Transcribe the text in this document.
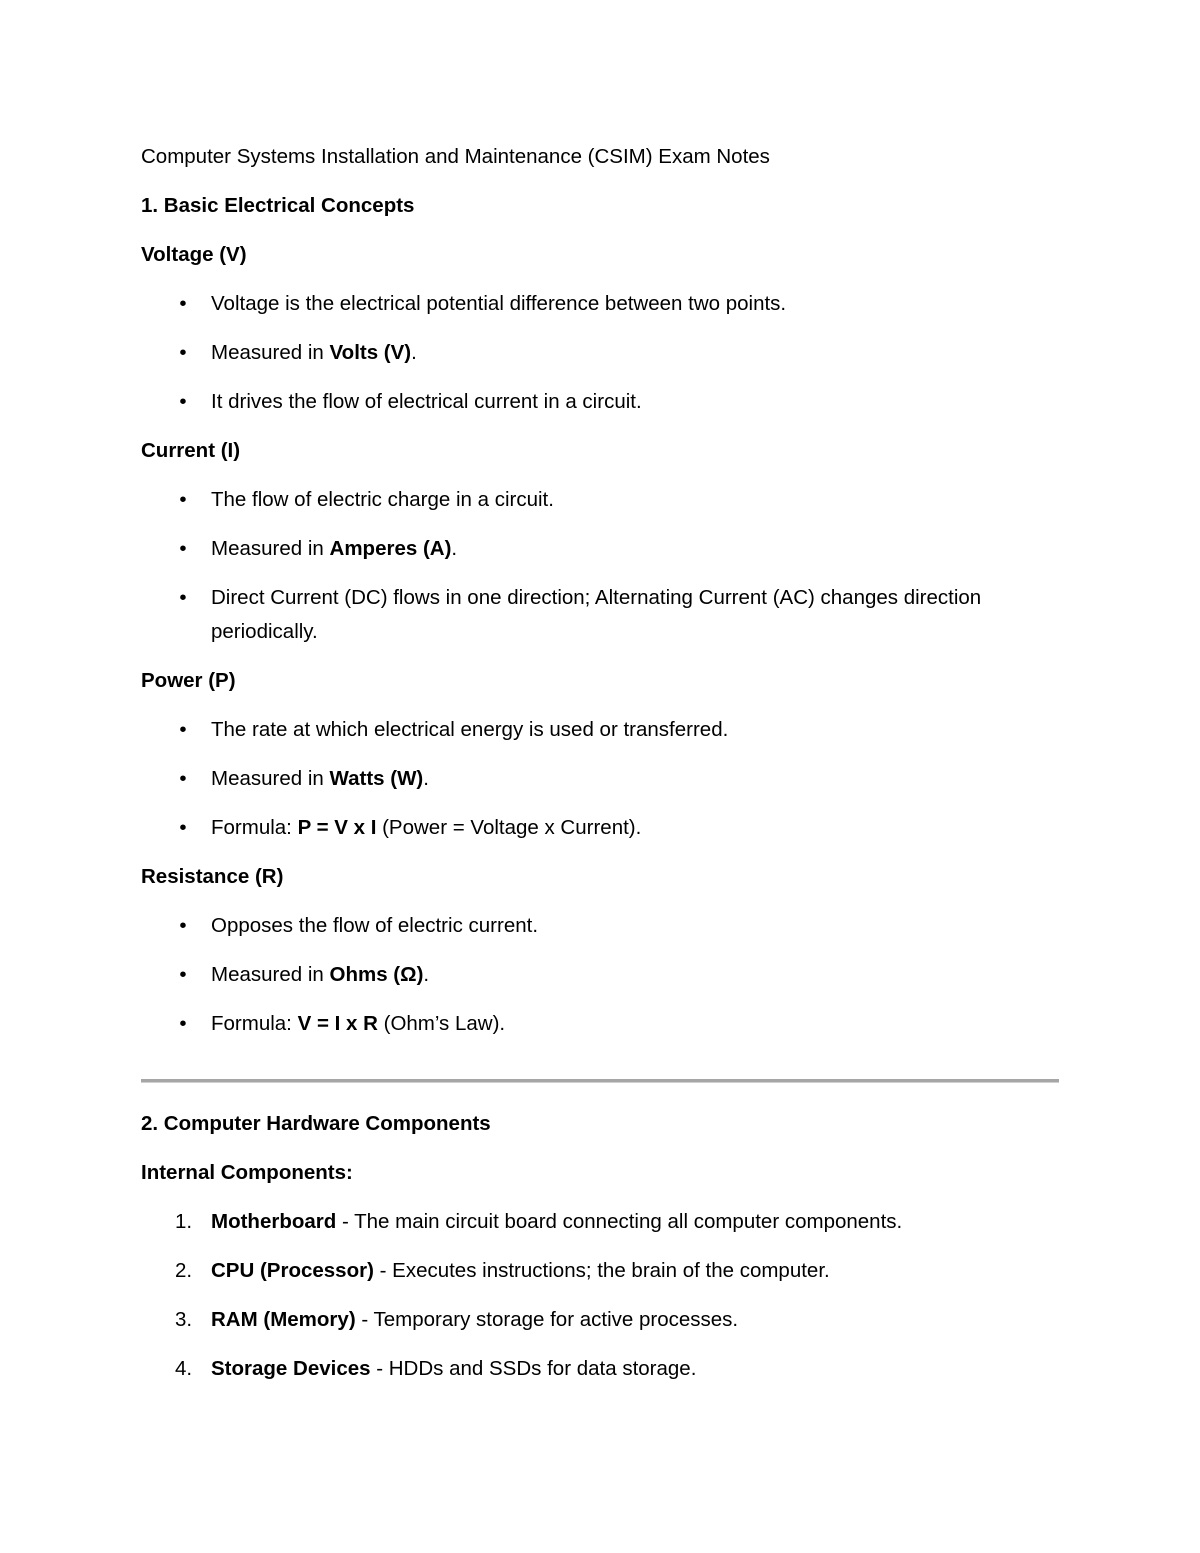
Computer Systems Installation and Maintenance (CSIM) Exam Notes

1. Basic Electrical Concepts

Voltage (V)

•	Voltage is the electrical potential difference between two points.
•	Measured in Volts (V).
•	It drives the flow of electrical current in a circuit.

Current (I)

•	The flow of electric charge in a circuit.
•	Measured in Amperes (A).
•	Direct Current (DC) flows in one direction; Alternating Current (AC) changes direction
periodically.

Power (P)

•	The rate at which electrical energy is used or transferred.
•	Measured in Watts (W).
•	Formula: P = V x I (Power = Voltage x Current).

Resistance (R)

•	Opposes the flow of electric current.
•	Measured in Ohms (Ω).
•	Formula: V = I x R (Ohm’s Law).

2. Computer Hardware Components

Internal Components:

1. Motherboard - The main circuit board connecting all computer components.
2. CPU (Processor) - Executes instructions; the brain of the computer.
3. RAM (Memory) - Temporary storage for active processes.
4. Storage Devices - HDDs and SSDs for data storage.
